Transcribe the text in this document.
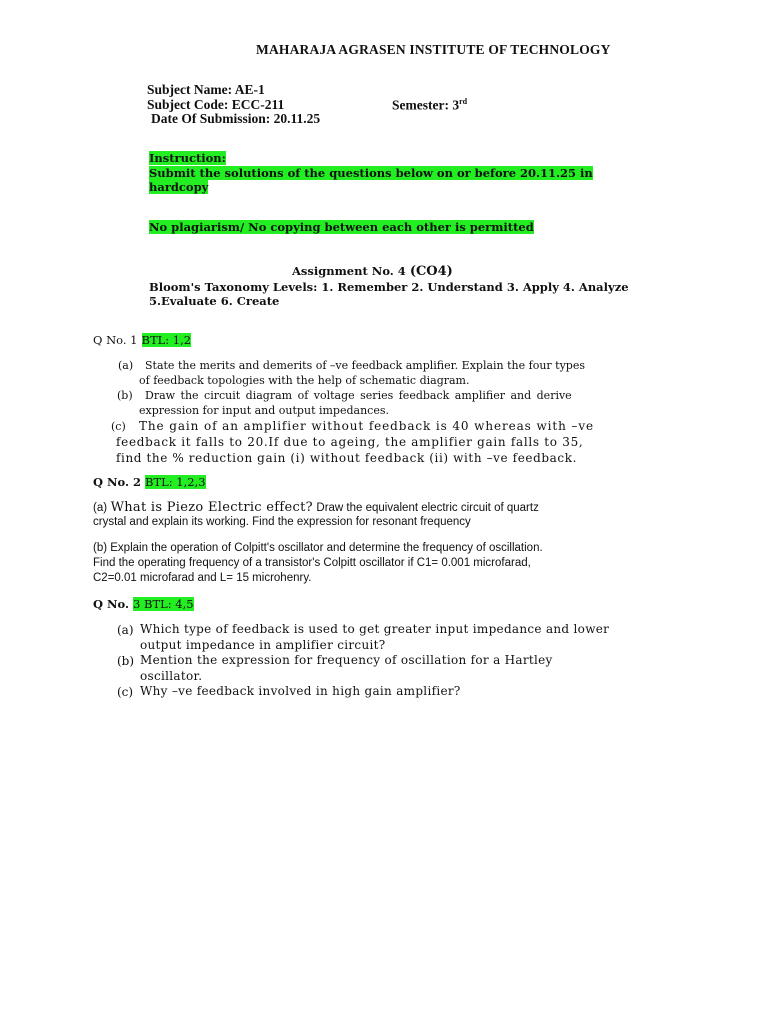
MAHARAJA AGRASEN INSTITUTE OF TECHNOLOGY
Subject Name: AE-1
Subject Code: ECC-211	Semester: 3rd
Date Of Submission: 20.11.25
Instruction:
Submit the solutions of the questions below on or before 20.11.25 in
hardcopy
No plagiarism/ No copying between each other is permitted
Assignment No. 4 (CO4)
Bloom's Taxonomy Levels: 1. Remember 2. Understand 3. Apply 4. Analyze
5.Evaluate 6. Create
Q No. 1 BTL: 1,2
(a) State the merits and demerits of –ve feedback amplifier. Explain the four types
of feedback topologies with the help of schematic diagram.
(b) Draw the circuit diagram of voltage series feedback amplifier and derive
expression for input and output impedances.
(c) The gain of an amplifier without feedback is 40 whereas with –ve
feedback it falls to 20.If due to ageing, the amplifier gain falls to 35,
find the % reduction gain (i) without feedback (ii) with –ve feedback.
Q No. 2 BTL: 1,2,3
(a) What is Piezo Electric effect? Draw the equivalent electric circuit of quartz
crystal and explain its working. Find the expression for resonant frequency
(b) Explain the operation of Colpitt's oscillator and determine the frequency of oscillation.
Find the operating frequency of a transistor's Colpitt oscillator if C1= 0.001 microfarad,
C2=0.01 microfarad and L= 15 microhenry.
Q No. 3 BTL: 4,5
(a) Which type of feedback is used to get greater input impedance and lower
output impedance in amplifier circuit?
(b) Mention the expression for frequency of oscillation for a Hartley
oscillator.
(c) Why –ve feedback involved in high gain amplifier?
